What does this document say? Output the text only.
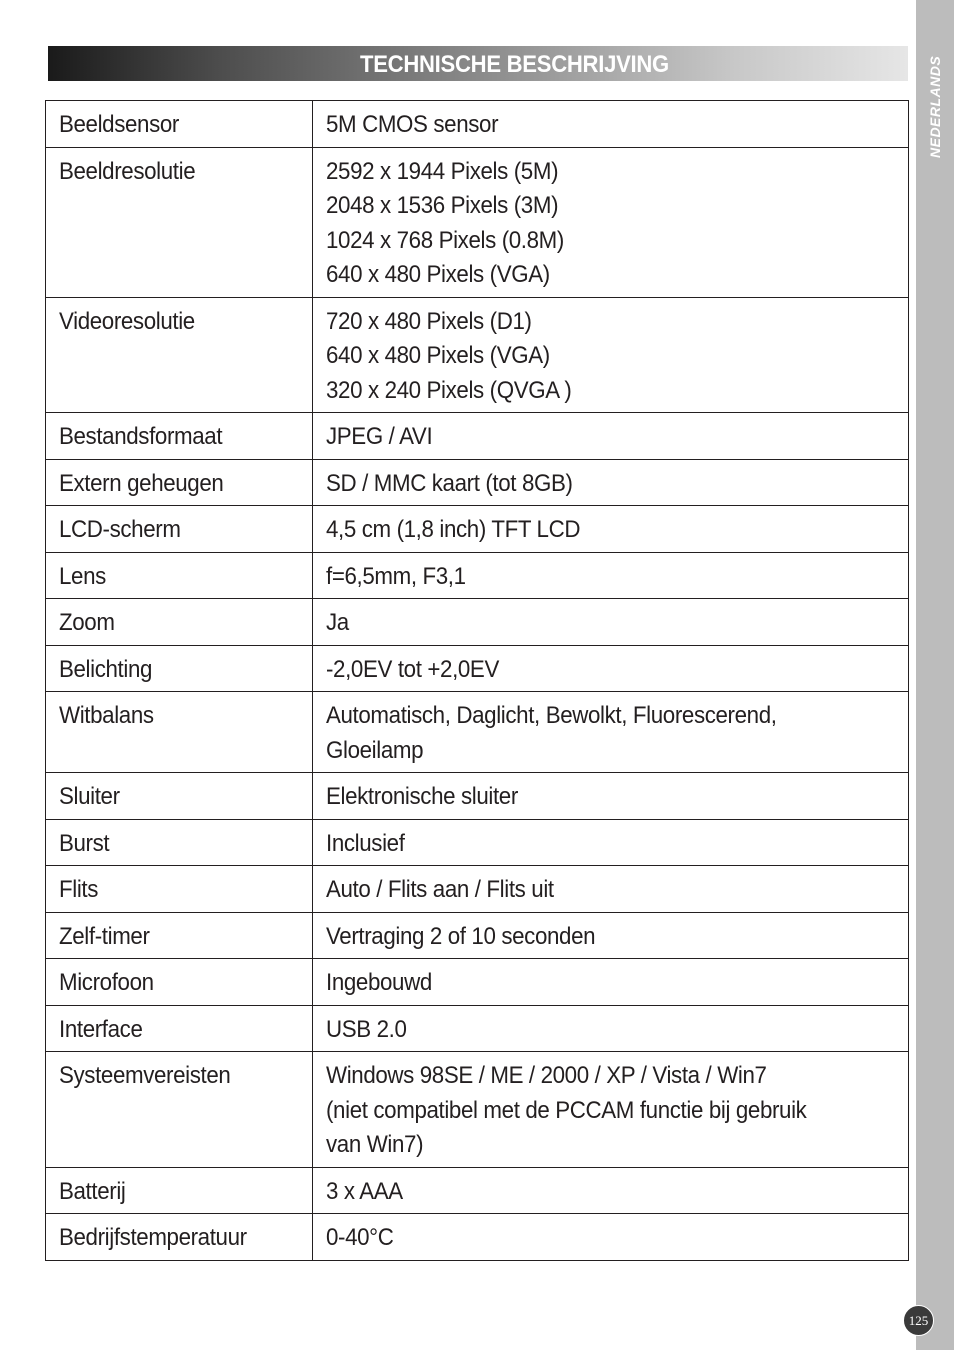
NEDERLANDS
TECHNISCHE BESCHRIJVING
Beeldsensor	5M CMOS sensor

Beeldresolutie	2592 x 1944 Pixels (5M)
2048 x 1536 Pixels (3M)
1024 x 768 Pixels (0.8M)
640 x 480 Pixels (VGA)

Videoresolutie	720 x 480 Pixels (D1)
640 x 480 Pixels (VGA)
320 x 240 Pixels (QVGA )

Bestandsformaat	JPEG / AVI

Extern geheugen	SD / MMC kaart (tot 8GB)

LCD-scherm	4,5 cm (1,8 inch) TFT LCD

Lens	f=6,5mm, F3,1

Zoom	Ja

Belichting	-2,0EV tot +2,0EV

Witbalans	Automatisch, Daglicht, Bewolkt, Fluorescerend,
Gloeilamp

Sluiter	Elektronische sluiter

Burst	Inclusief

Flits	Auto / Flits aan / Flits uit

Zelf-timer	Vertraging 2 of 10 seconden

Microfoon	Ingebouwd

Interface	USB 2.0

Systeemvereisten	Windows 98SE / ME / 2000 / XP / Vista / Win7
(niet compatibel met de PCCAM functie bij gebruik
van Win7)

Batterij	3 x AAA

Bedrijfstemperatuur	0-40°C
125
